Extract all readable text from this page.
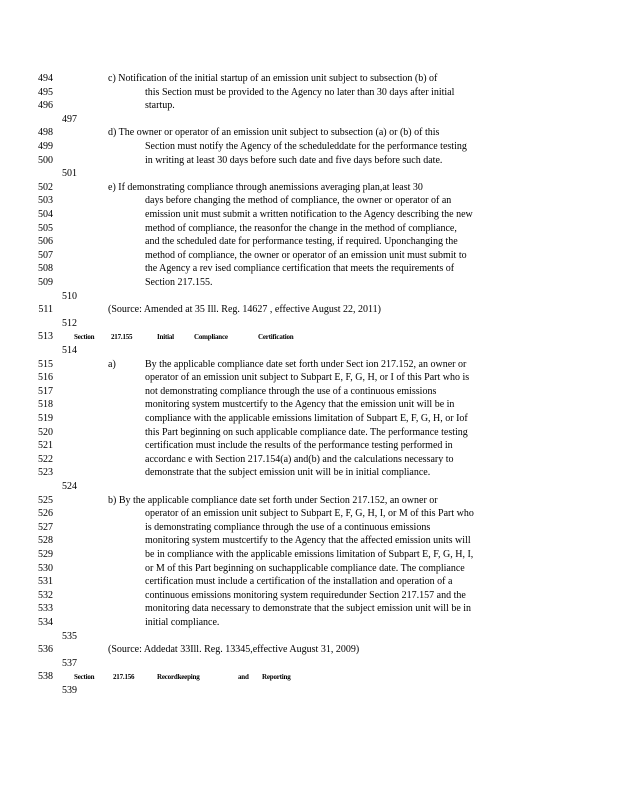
494	c) Notification of the initial startup of an emission unit subject to subsection (b) of
495	this Section must be provided to the Agency no later than 30 days after initial
496	startup.
497
498	d) The owner or operator of an emission unit subject to subsection (a) or (b) of this
499	Section must notify the Agency of the scheduleddate for the performance testing
500	in writing at least 30 days before such date and five days before such date.
501
502	e) If demonstrating compliance through anemissions averaging plan,at least 30
503	days before changing the method of compliance, the owner or operator of an
504	emission unit must submit a written notification to the Agency describing the new
505	method of compliance, the reasonfor the change in the method of compliance,
506	and the scheduled date for performance testing, if required. Uponchanging the
507	method of compliance, the owner or operator of an emission unit must submit to
508	the Agency a rev ised compliance certification that meets the requirements of
509	Section 217.155.
510
511	(Source: Amended at 35 Ill. Reg. 14627 , effective August 22, 2011)
512
513	Section 217.155	Initial	Compliance	Certification
514
515	a)	By the applicable compliance date set forth under Sect ion 217.152, an owner or
516	operator of an emission unit subject to Subpart E, F, G, H, or I of this Part who is
517	not demonstrating compliance through the use of a continuous emissions
518	monitoring system mustcertify to the Agency that the emission unit will be in
519	compliance with the applicable emissions limitation of Subpart E, F, G, H, or Iof
520	this Part beginning on such applicable compliance date. The performance testing
521	certification must include the results of the performance testing performed in
522	accordanc e with Section 217.154(a) and(b) and the calculations necessary to
523	demonstrate that the subject emission unit will be in initial compliance.
524
525	b) By the applicable compliance date set forth under Section 217.152, an owner or
526	operator of an emission unit subject to Subpart E, F, G, H, I, or M of this Part who
527	is demonstrating compliance through the use of a continuous emissions
528	monitoring system mustcertify to the Agency that the affected emission units will
529	be in compliance with the applicable emissions limitation of Subpart E, F, G, H, I,
530	or M of this Part beginning on suchapplicable compliance date. The compliance
531	certification must include a certification of the installation and operation of a
532	continuous emissions monitoring system requiredunder Section 217.157 and the
533	monitoring data necessary to demonstrate that the subject emission unit will be in
534	initial compliance.
535
536	(Source: Addedat 33Ill. Reg. 13345,effective August 31, 2009)
537
538	Section	217.156	Recordkeeping	and Reporting
539
